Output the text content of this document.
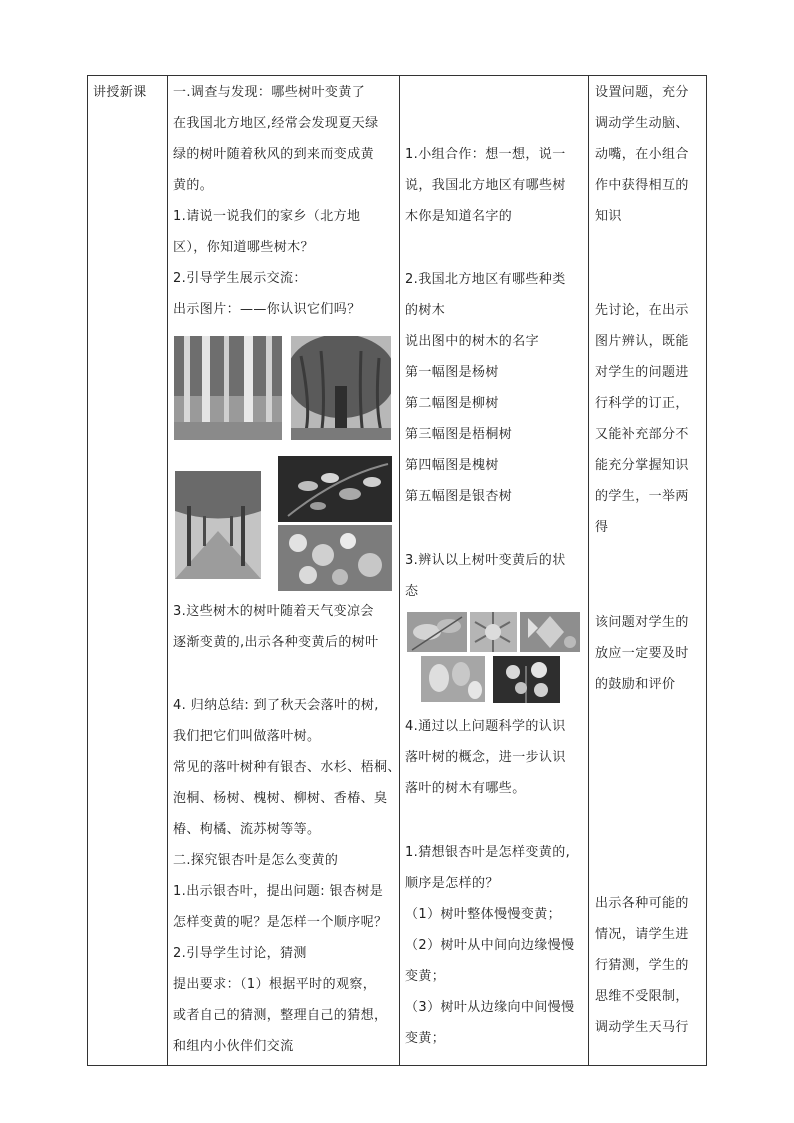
讲授新课 一.调查与发现：哪些树叶变黄了

在我国北方地区,经常会发现夏天绿

绿的树叶随着秋风的到来而变成黄

黄的。

1.请说一说我们的家乡（北方地

区），你知道哪些树木？

2.引导学生展示交流：

出示图片：——你认识它们吗？

3.这些树木的树叶随着天气变凉会

逐渐变黄的,出示各种变黄后的树叶

4. 归纳总结: 到了秋天会落叶的树,

我们把它们叫做落叶树。

常见的落叶树种有银杏、水杉、梧桐、

泡桐、杨树、槐树、柳树、香椿、臭

椿、枸橘、流苏树等等。

二.探究银杏叶是怎么变黄的

1.出示银杏叶，提出问题: 银杏树是

怎样变黄的呢？是怎样一个顺序呢？

2.引导学生讨论，猜测

提出要求：（1）根据平时的观察，

或者自己的猜测，整理自己的猜想，

和组内小伙伴们交流

1.小组合作：想一想，说一

说，我国北方地区有哪些树

木你是知道名字的

2.我国北方地区有哪些种类

的树木

说出图中的树木的名字

第一幅图是杨树

第二幅图是柳树

第三幅图是梧桐树

第四幅图是槐树

第五幅图是银杏树

3.辨认以上树叶变黄后的状

态

4.通过以上问题科学的认识

落叶树的概念，进一步认识

落叶的树木有哪些。

1.猜想银杏叶是怎样变黄的,

顺序是怎样的？

（1）树叶整体慢慢变黄；

（2）树叶从中间向边缘慢慢

变黄；

（3）树叶从边缘向中间慢慢

变黄；

设置问题，充分

调动学生动脑、

动嘴，在小组合

作中获得相互的

知识

先讨论，在出示

图片辨认，既能

对学生的问题进

行科学的订正，

又能补充部分不

能充分掌握知识

的学生，一举两

得

该问题对学生的

放应一定要及时

的鼓励和评价

出示各种可能的

情况，请学生进

行猜测，学生的

思维不受限制，

调动学生天马行
